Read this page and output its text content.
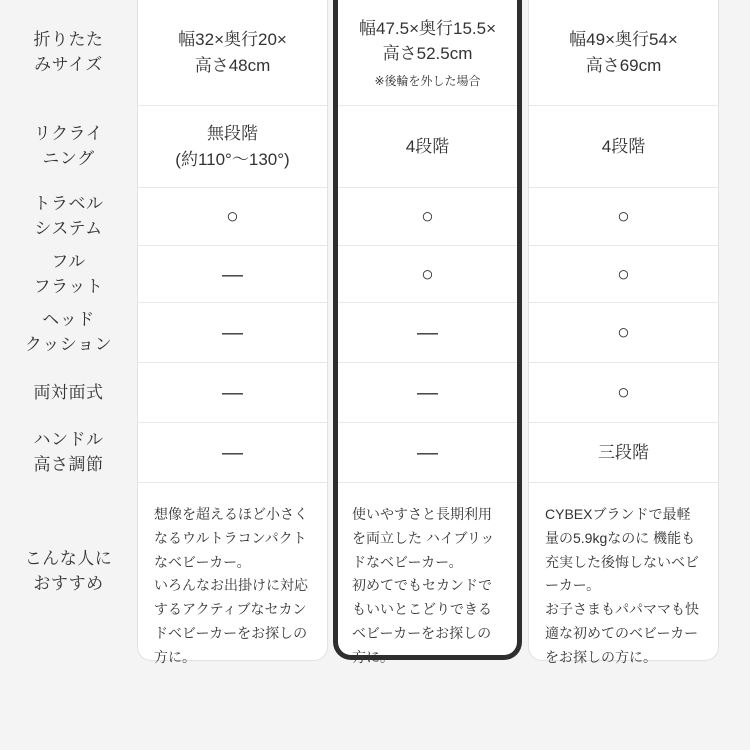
折りたた
みサイズ
リクライ
ニング
トラベル
システム
フル
フラット
ヘッド
クッション
両対面式
ハンドル
高さ調節
こんな人に
おすすめ
幅32×奥行20×
高さ48cm
無段階
(約110°〜130°)
○
—
—
—
—
想像を超えるほど小さくなるウルトラコンパクトなベビーカー。
いろんなお出掛けに対応するアクティブなセカンドベビーカーをお探しの方に。
幅47.5×奥行15.5×
高さ52.5cm
※後輪を外した場合
4段階
○
○
—
—
—
使いやすさと長期利用を両立した ハイブリッドなベビーカー。
初めてでもセカンドでもいいとこどりできる
ベビーカーをお探しの方に。
幅49×奥行54×
高さ69cm
4段階
○
○
○
○
三段階
CYBEXブランドで最軽量の5.9kgなのに 機能も充実した後悔しないベビーカー。
お子さまもパパママも快適な初めてのベビーカーをお探しの方に。
